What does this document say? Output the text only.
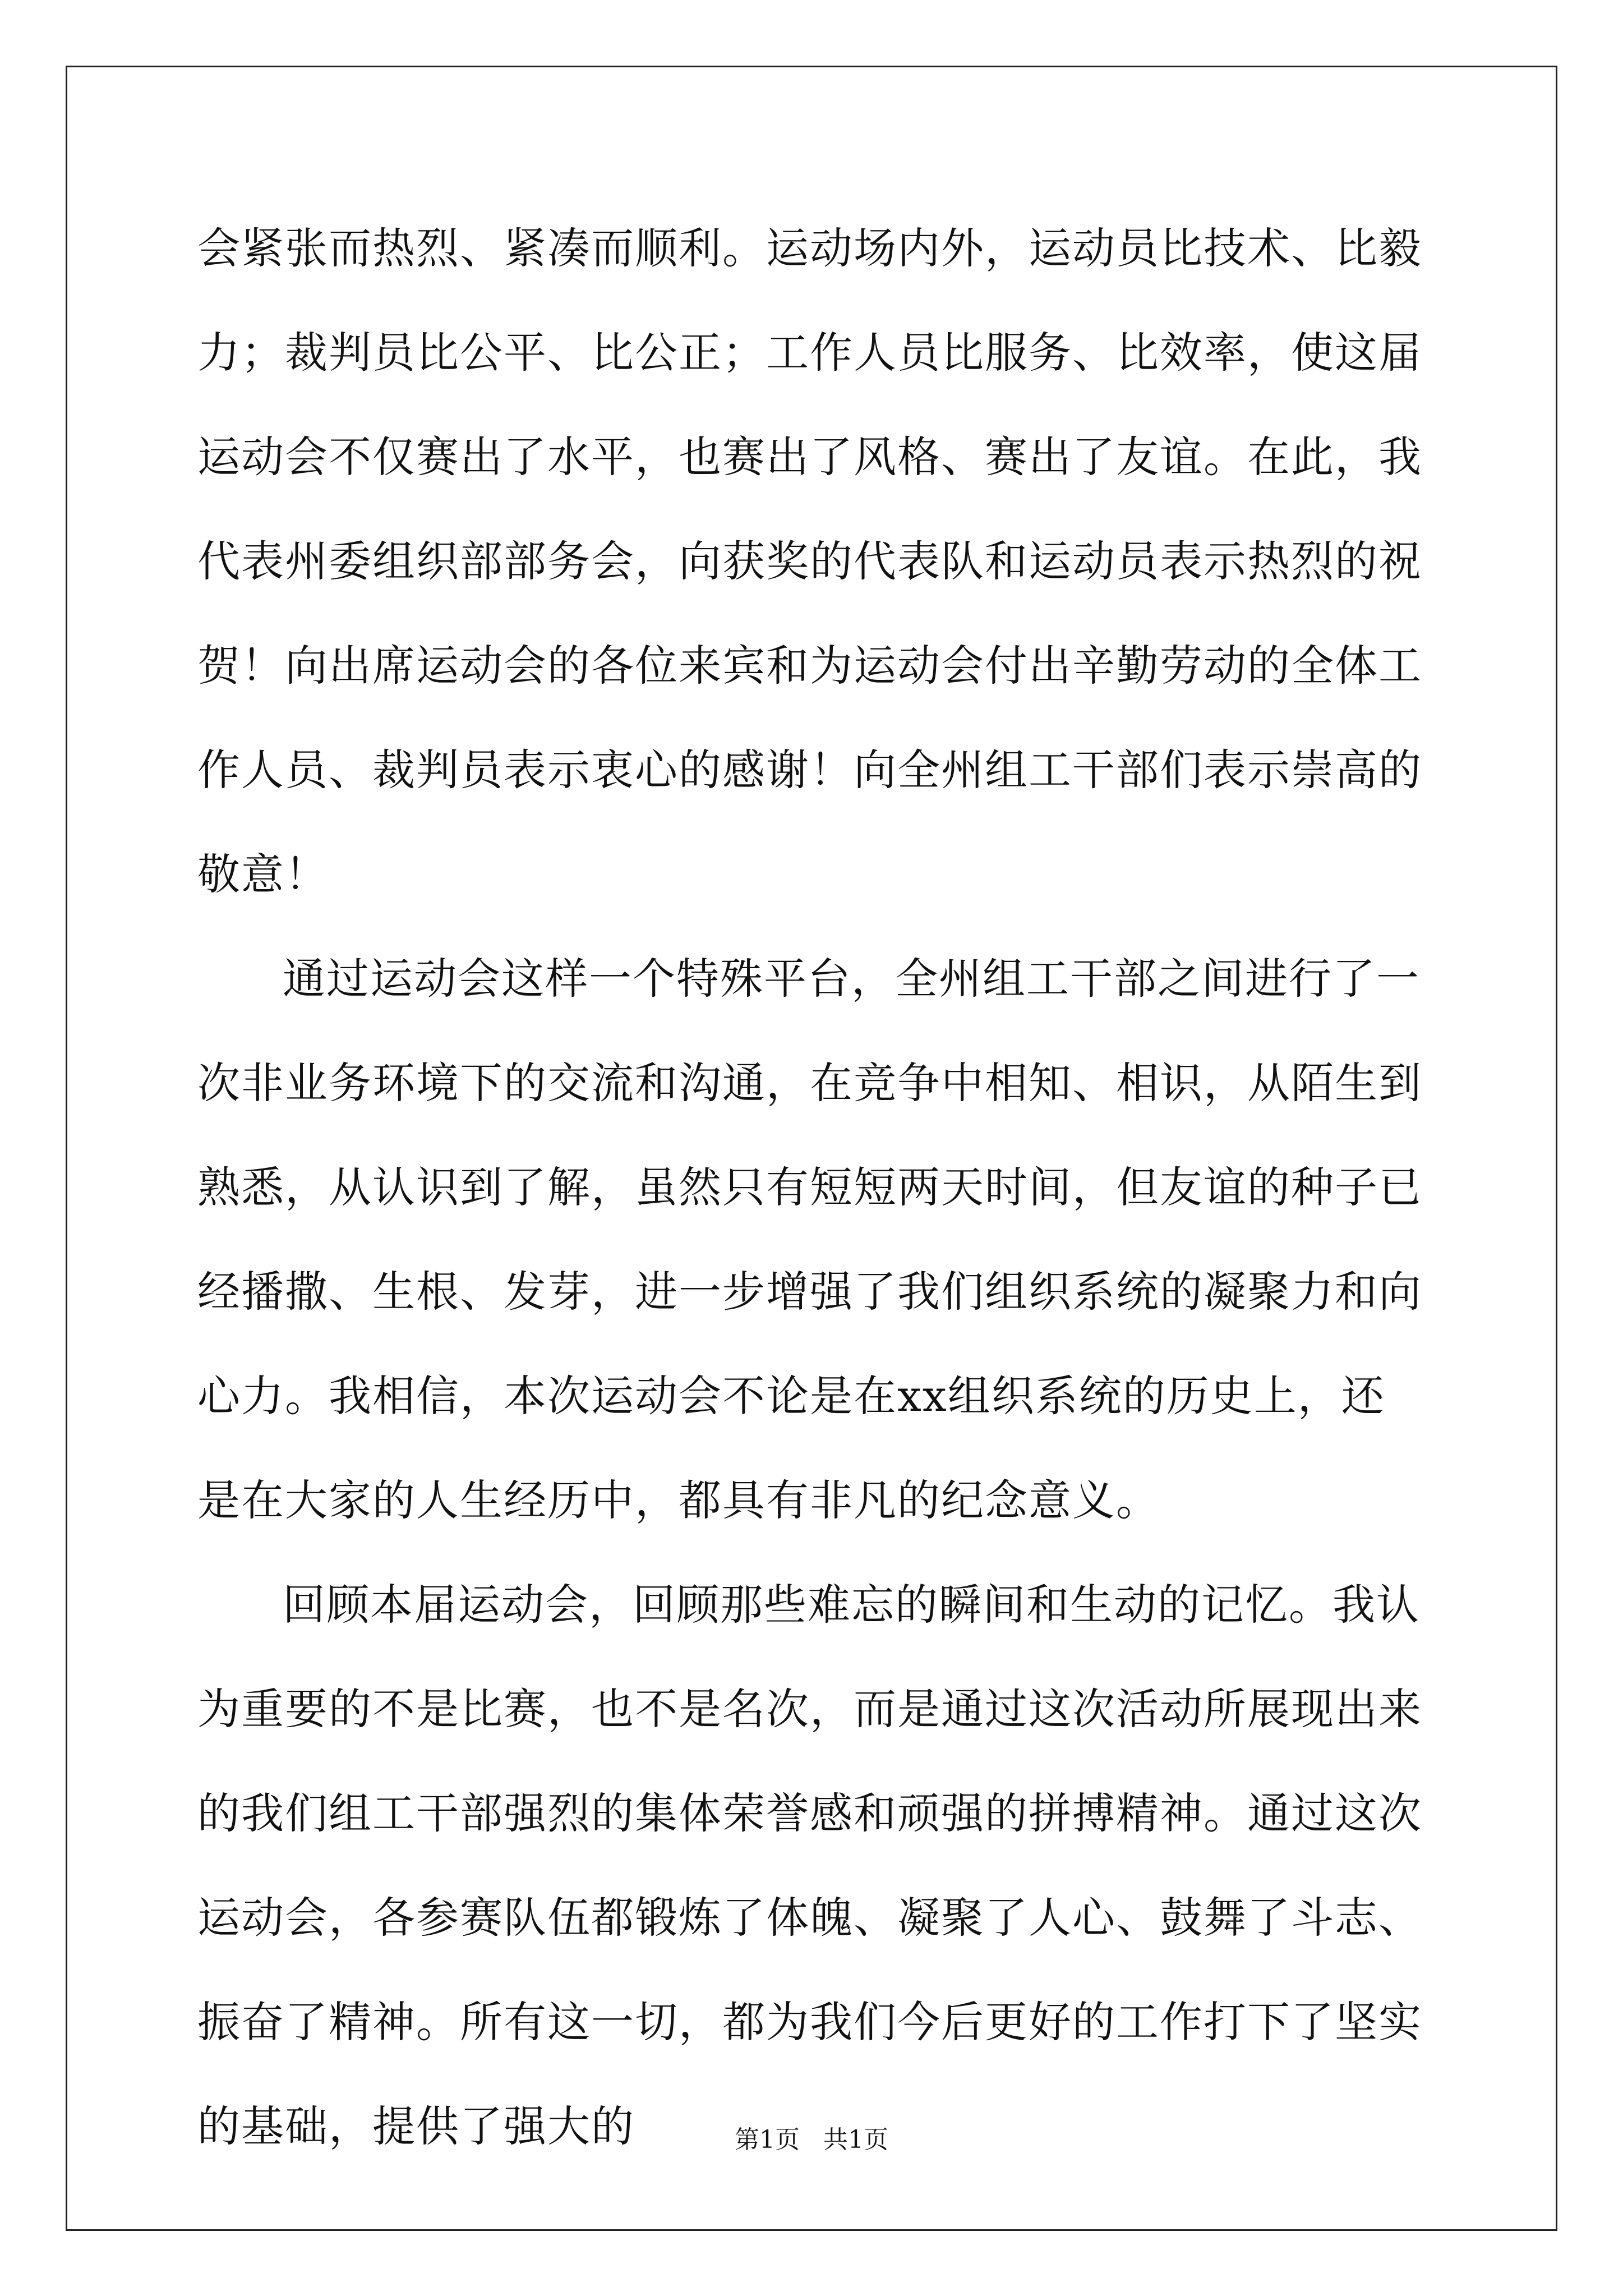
会紧张而热烈、紧凑而顺利。运动场内外，运动员比技术、比毅力；裁判员比公平、比公正；工作人员比服务、比效率，使这届运动会不仅赛出了水平，也赛出了风格、赛出了友谊。在此，我代表州委组织部部务会，向获奖的代表队和运动员表示热烈的祝贺！向出席运动会的各位来宾和为运动会付出辛勤劳动的全体工作人员、裁判员表示衷心的感谢！向全州组工干部们表示崇高的敬意！

通过运动会这样一个特殊平台，全州组工干部之间进行了一次非业务环境下的交流和沟通，在竞争中相知、相识，从陌生到熟悉，从认识到了解，虽然只有短短两天时间，但友谊的种子已经播撒、生根、发芽，进一步增强了我们组织系统的凝聚力和向心力。我相信，本次运动会不论是在xx组织系统的历史上，还是在大家的人生经历中，都具有非凡的纪念意义。

回顾本届运动会，回顾那些难忘的瞬间和生动的记忆。我认为重要的不是比赛，也不是名次，而是通过这次活动所展现出来的我们组工干部强烈的集体荣誉感和顽强的拼搏精神。通过这次运动会，各参赛队伍都锻炼了体魄、凝聚了人心、鼓舞了斗志、振奋了精神。所有这一切，都为我们今后更好的工作打下了坚实的基础，提供了强大的	第1页 共1页
